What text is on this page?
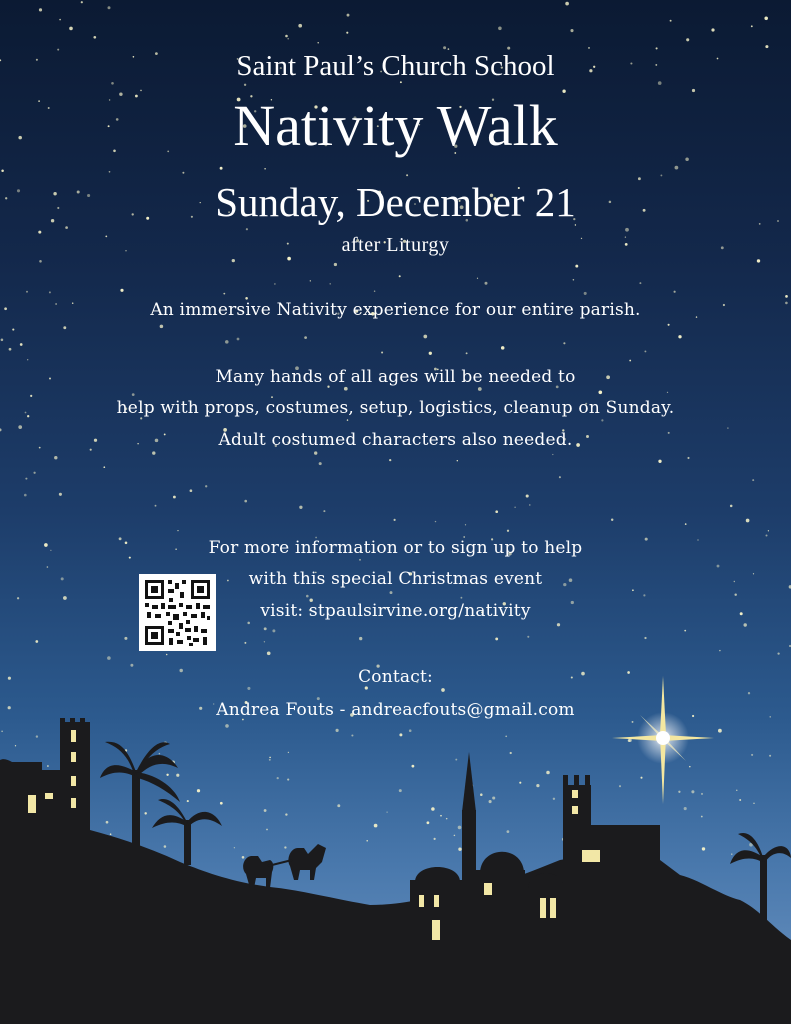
Saint Paul’s Church School
Nativity Walk
Sunday, December 21
after Liturgy
An immersive Nativity experience for our entire parish.
Many hands of all ages will be needed to
help with props, costumes, setup, logistics, cleanup on Sunday.
Adult costumed characters also needed.
For more information or to sign up to help
with this special Christmas event
visit: stpaulsirvine.org/nativity
Contact:
Andrea Fouts - andreacfouts@gmail.com
